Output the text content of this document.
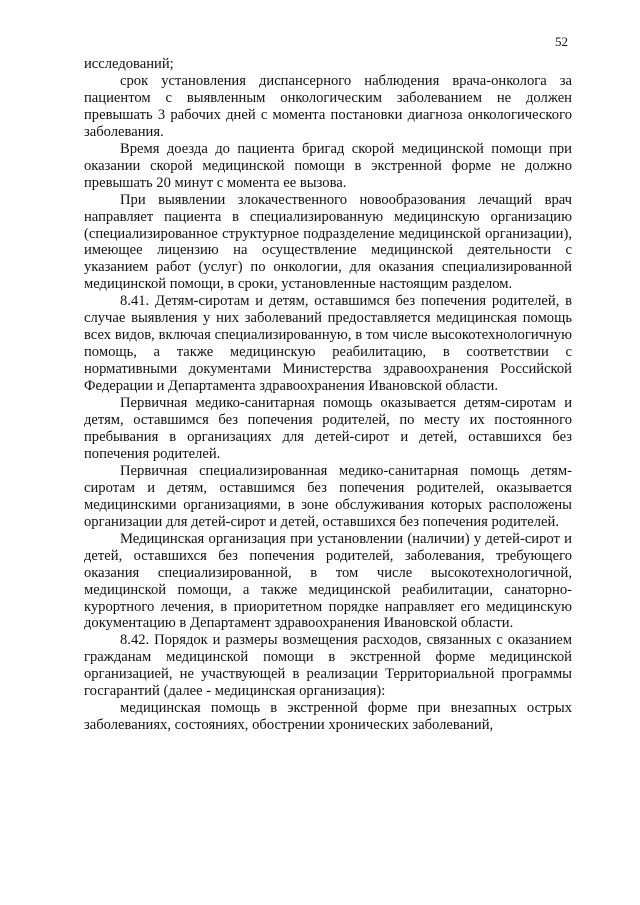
52

исследований;

срок установления диспансерного наблюдения врача-онколога за пациентом с выявленным онкологическим заболеванием не должен превышать 3 рабочих дней с момента постановки диагноза онкологического заболевания.

Время доезда до пациента бригад скорой медицинской помощи при оказании скорой медицинской помощи в экстренной форме не должно превышать 20 минут с момента ее вызова.

При выявлении злокачественного новообразования лечащий врач направляет пациента в специализированную медицинскую организацию (специализированное структурное подразделение медицинской организации), имеющее лицензию на осуществление медицинской деятельности с указанием работ (услуг) по онкологии, для оказания специализированной медицинской помощи, в сроки, установленные настоящим разделом.

8.41. Детям-сиротам и детям, оставшимся без попечения родителей, в случае выявления у них заболеваний предоставляется медицинская помощь всех видов, включая специализированную, в том числе высокотехнологичную помощь, а также медицинскую реабилитацию, в соответствии с нормативными документами Министерства здравоохранения Российской Федерации и Департамента здравоохранения Ивановской области.

Первичная медико-санитарная помощь оказывается детям-сиротам и детям, оставшимся без попечения родителей, по месту их постоянного пребывания в организациях для детей-сирот и детей, оставшихся без попечения родителей.

Первичная специализированная медико-санитарная помощь детям-сиротам и детям, оставшимся без попечения родителей, оказывается медицинскими организациями, в зоне обслуживания которых расположены организации для детей-сирот и детей, оставшихся без попечения родителей.

Медицинская организация при установлении (наличии) у детей-сирот и детей, оставшихся без попечения родителей, заболевания, требующего оказания специализированной, в том числе высокотехнологичной, медицинской помощи, а также медицинской реабилитации, санаторно-курортного лечения, в приоритетном порядке направляет его медицинскую документацию в Департамент здравоохранения Ивановской области.

8.42. Порядок и размеры возмещения расходов, связанных с оказанием гражданам медицинской помощи в экстренной форме медицинской организацией, не участвующей в реализации Территориальной программы госгарантий (далее - медицинская организация):

медицинская помощь в экстренной форме при внезапных острых заболеваниях, состояниях, обострении хронических заболеваний,
